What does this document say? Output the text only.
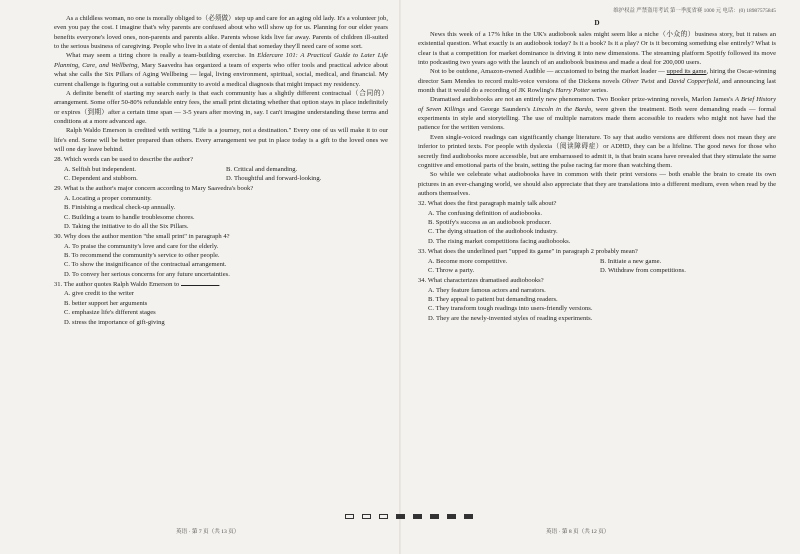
As a childless woman, no one is morally obliged to（必须做）step up and care for an aging old lady. It's a volunteer job, even you pay the cost. I imagine that's why parents are confused about who will show up for us. Planning for our elder years benefits everyone's loved ones, non-parents and parents alike. Parents whose kids live far away. Parents of children ill-suited to the serious business of caregiving. People who live in a state of denial that someday they'll need care of some sort.

What may seem a tiring chore is really a team-building exercise. In Eldercare 101: A Practical Guide to Later Life Planning, Care, and Wellbeing, Mary Saavedra has organized a team of experts who offer tools and practical advice about what she calls the Six Pillars of Aging Wellbeing — legal, living environment, spiritual, social, medical, and financial. My current challenge is figuring out a suitable community to avoid a medical diagnosis that might impact my residency.

A definite benefit of starting my search early is that each community has a slightly different contractual（合同的）arrangement. Some offer 50-80% refundable entry fees, the small print dictating whether that option stays in place indefinitely or expires（到期）after a certain time span — 3-5 years after moving in, say. I can't imagine understanding these terms and conditions at a more advanced age.

Ralph Waldo Emerson is credited with writing "Life is a journey, not a destination." Every one of us will make it to our life's end. Some will be better prepared than others. Every arrangement we put in place today is a gift to the loved ones we will one day leave behind.

28. Which words can be used to describe the author?

A. Selfish but independent.	B. Critical and demanding.
C. Dependent and stubborn.	D. Thoughtful and forward-looking.

29. What is the author's major concern according to Mary Saavedra's book?

A. Locating a proper community.

B. Finishing a medical check-up annually.

C. Building a team to handle troublesome chores.

D. Taking the initiative to do all the Six Pillars.

30. Why does the author mention "the small print" in paragraph 4?

A. To praise the community's love and care for the elderly.

B. To recommend the community's service to other people.

C. To show the insignificance of the contractual arrangement.

D. To convey her serious concerns for any future uncertainties.

31. The author quotes Ralph Waldo Emerson to	.

A. give credit to the writer

B. better support her arguments

C. emphasize life's different stages

D. stress the importance of gift-giving

英语 · 第 7 页（共 13 页）
维护权益 严禁盗用考试 第一季度省赛 1000 元 电话：(0) 18987575845
D

News this week of a 17% hike in the UK's audiobook sales might seem like a niche（小众的）business story, but it raises an existential question. What exactly is an audiobook today? Is it a book? Is it a play? Or is it becoming something else entirely? What is clear is that a competition for market dominance is driving it into new dimensions. The streaming platform Spotify followed its move into podcasting two years ago with the launch of an audiobook business and made a deal for 200,000 users.

Not to be outdone, Amazon-owned Audible — accustomed to being the market leader — upped its game, hiring the Oscar-winning director Sam Mendes to record multi-voice versions of the Dickens novels Oliver Twist and David Copperfield, and announcing last month that it would do a recording of JK Rowling's Harry Potter series.

Dramatised audiobooks are not an entirely new phenomenon. Two Booker prize-winning novels, Marlon James's A Brief History of Seven Killings and George Saunders's Lincoln in the Bardo, were given the treatment. Both were demanding reads — formal experiments in style and storytelling. The use of multiple narrators made them accessible to readers who might not have had the patience for the written versions.

Even single-voiced readings can significantly change literature. To say that audio versions are different does not mean they are inferior to printed texts. For people with dyslexia（阅读障碍症）or ADHD, they can be a lifeline. The good news for those who secretly find audiobooks more accessible, but are embarrassed to admit it, is that brain scans have revealed that they stimulate the same cognitive and emotional parts of the brain, setting the pulse racing far more than watching them.

So while we celebrate what audiobooks have in common with their print versions — both enable the brain to create its own pictures in an ever-changing world, we should also appreciate that they are translations into a different medium, even when read by the authors themselves.

32. What does the first paragraph mainly talk about?

A. The confusing definition of audiobooks.

B. Spotify's success as an audiobook producer.

C. The dying situation of the audiobook industry.

D. The rising market competitions facing audiobooks.

33. What does the underlined part "upped its game" in paragraph 2 probably mean?

A. Become more competitive.	B. Initiate a new game.
C. Throw a party.	D. Withdraw from competitions.

34. What characterizes dramatised audiobooks?

A. They feature famous actors and narrators.

B. They appeal to patient but demanding readers.

C. They transform tough readings into users-friendly versions.

D. They are the newly-invented styles of reading experiments.

英语 · 第 8 页（共 12 页）
